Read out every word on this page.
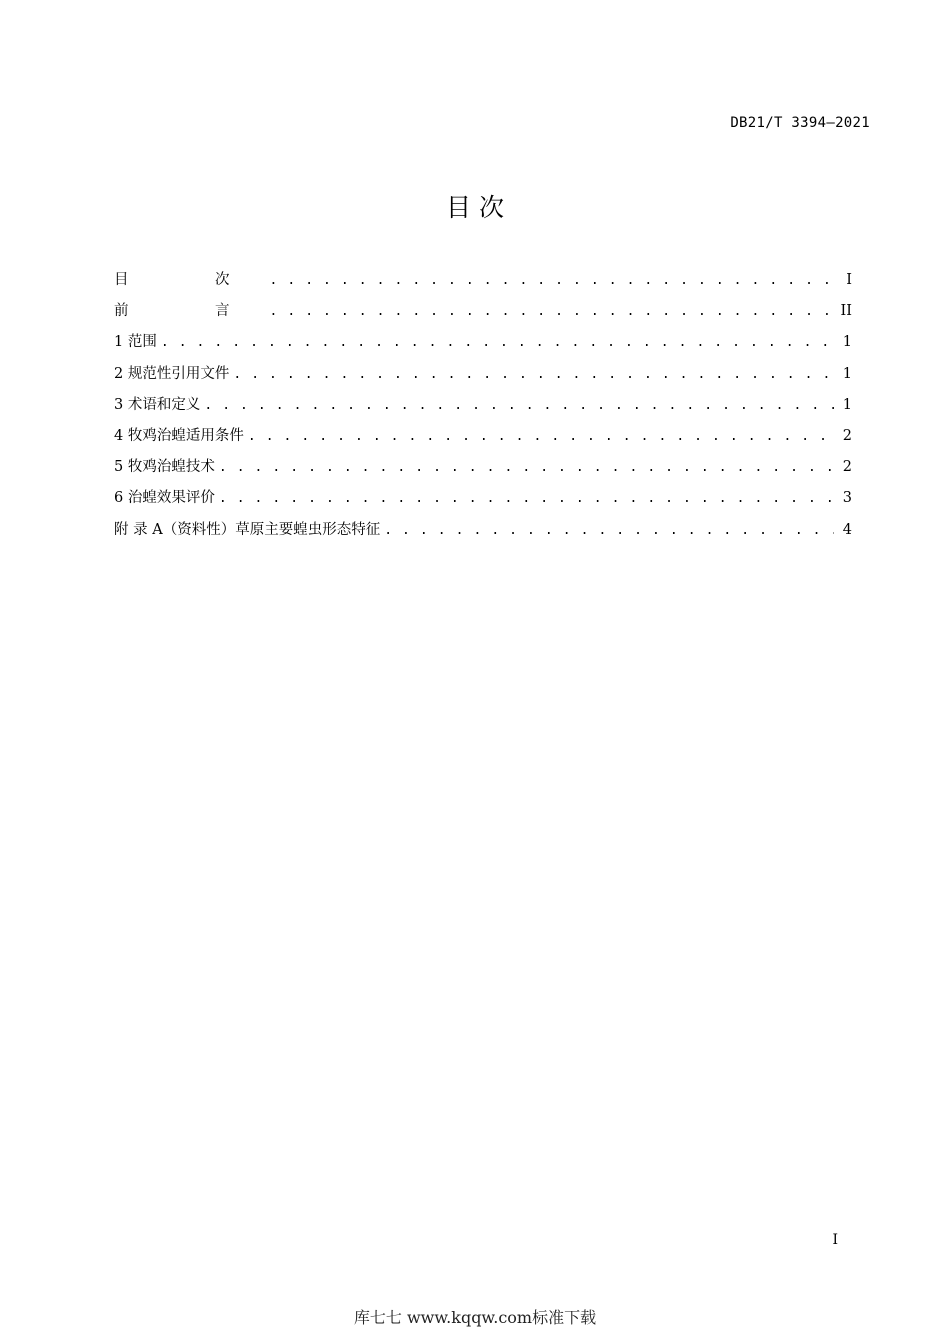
DB21/T 3394—2021
目 次
目　次 . . .	I
前　言 . . .	II
1 范围 . . .	1
2 规范性引用文件 . . .	1
3 术语和定义 . . .	1
4 牧鸡治蝗适用条件 . . .	2
5 牧鸡治蝗技术 . . .	2
6 治蝗效果评价 . . .	3
附 录 A（资料性）草原主要蝗虫形态特征 . . .	4
I
库七七 www.kqqw.com标准下载
